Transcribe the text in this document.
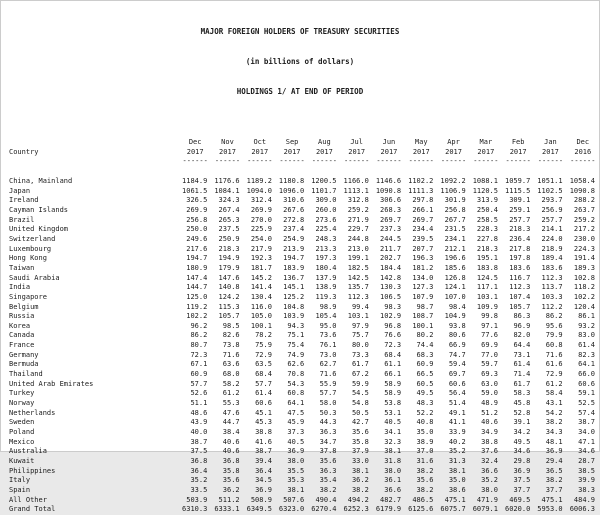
MAJOR FOREIGN HOLDERS OF TREASURY SECURITIES

(in billions of dollars)

HOLDINGS 1/ AT END OF PERIOD

	Dec	Nov	Oct	Sep	Aug	Jul	Jun	May	Apr	Mar	Feb	Jan	Dec
Country	2017	2017	2017	2017	2017	2017	2017	2017	2017	2017	2017	2017	2016
	------	------	------	------	------	------	------	------	------	------	------	------	------

China, Mainland	1184.9	1176.6	1189.2	1180.8	1200.5	1166.0	1146.6	1102.2	1092.2	1088.1	1059.7	1051.1	1058.4
Japan	1061.5	1084.1	1094.0	1096.0	1101.7	1113.1	1090.8	1111.3	1106.9	1120.5	1115.5	1102.5	1090.8
Ireland	326.5	324.3	312.4	310.6	309.0	312.8	306.6	297.8	301.9	313.9	309.1	293.7	288.2
Cayman Islands	269.9	267.4	269.9	267.6	260.0	259.2	268.3	266.1	256.8	250.4	259.1	256.9	263.7
Brazil	256.8	265.3	270.0	272.8	273.6	271.9	269.7	269.7	267.7	258.5	257.7	257.7	259.2
United Kingdom	250.0	237.5	225.9	237.4	225.4	229.7	237.3	234.4	231.5	228.3	218.3	214.1	217.2
Switzerland	249.6	250.9	254.0	254.9	248.3	244.8	244.5	239.5	234.1	227.8	236.4	224.0	230.0
Luxembourg	217.6	218.3	217.9	213.9	213.3	213.0	211.7	207.7	212.1	218.3	217.8	218.9	224.3
Hong Kong	194.7	194.9	192.3	194.7	197.3	199.1	202.7	196.3	196.6	195.1	197.8	189.4	191.4
Taiwan	180.9	179.9	181.7	183.9	180.4	182.5	184.4	181.2	185.6	183.8	183.6	183.6	189.3
Saudi Arabia	147.4	147.6	145.2	136.7	137.9	142.5	142.8	134.0	126.8	124.5	116.7	112.3	102.8
India	144.7	140.8	141.4	145.1	138.9	135.7	130.3	127.3	124.1	117.1	112.3	113.7	118.2
Singapore	125.0	124.2	130.4	125.2	119.3	112.3	106.5	107.9	107.0	103.1	107.4	103.3	102.2
Belgium	119.2	115.3	116.0	104.8	98.9	99.4	98.3	98.7	98.4	109.9	105.7	112.2	120.4
Russia	102.2	105.7	105.0	103.9	105.4	103.1	102.9	108.7	104.9	99.8	86.3	86.2	86.1
Korea	96.2	98.5	100.1	94.3	95.0	97.9	96.8	100.1	93.8	97.1	96.9	95.6	93.2
Canada	86.2	82.6	78.2	75.1	73.6	75.7	76.6	80.2	80.6	77.6	82.0	79.9	83.0
France	80.7	73.8	75.9	75.4	76.1	80.0	72.3	74.4	66.9	69.9	64.4	60.8	61.4
Germany	72.3	71.6	72.9	74.9	73.0	73.3	68.4	68.3	74.7	77.0	73.1	71.6	82.3
Bermuda	67.1	63.6	63.5	62.6	62.7	61.7	61.1	60.9	59.4	59.7	61.4	61.6	64.1
Thailand	60.9	68.0	68.4	70.8	71.6	67.2	66.1	66.5	69.7	69.3	71.4	72.9	66.0
United Arab Emirates	57.7	58.2	57.7	54.3	55.9	59.9	58.9	60.5	60.6	63.0	61.7	61.2	60.6
Turkey	52.6	61.2	61.4	60.8	57.7	54.5	58.9	49.5	56.4	59.0	58.3	58.4	59.1
Norway	51.1	55.3	60.6	64.1	58.0	54.8	53.8	48.3	51.4	48.9	45.8	43.1	52.5
Netherlands	48.6	47.6	45.1	47.5	50.3	50.5	53.1	52.2	49.1	51.2	52.8	54.2	57.4
Sweden	43.9	44.7	45.3	45.9	44.3	42.7	40.5	40.8	41.1	40.6	39.1	38.2	38.7
Poland	40.0	38.4	38.8	37.3	36.3	35.6	34.1	35.0	33.9	34.9	34.2	34.3	34.0
Mexico	38.7	40.6	41.6	40.5	34.7	35.8	32.3	38.9	40.2	38.8	49.5	48.1	47.1
Australia	37.5	40.6	38.7	36.9	37.8	37.9	38.1	37.0	35.2	37.6	34.6	36.9	34.6
Kuwait	36.8	36.8	39.4	38.0	35.6	33.0	31.8	31.6	31.3	32.4	29.8	29.4	28.7
Philippines	36.4	35.8	36.4	35.5	36.3	38.1	38.0	38.2	38.1	36.6	36.9	36.5	38.5
Italy	35.2	35.6	34.5	35.3	35.4	36.2	36.1	35.6	35.0	35.2	37.5	38.2	39.9
Spain	33.5	36.2	36.9	38.1	38.2	38.2	36.6	38.2	38.6	38.0	37.7	37.7	38.3
All Other	503.9	511.2	508.9	507.6	490.4	494.2	482.7	486.5	475.1	471.9	469.5	475.1	484.9
Grand Total	6310.3	6333.1	6349.5	6323.0	6270.4	6252.3	6179.9	6125.6	6075.7	6079.1	6020.0	5953.0	6006.3
